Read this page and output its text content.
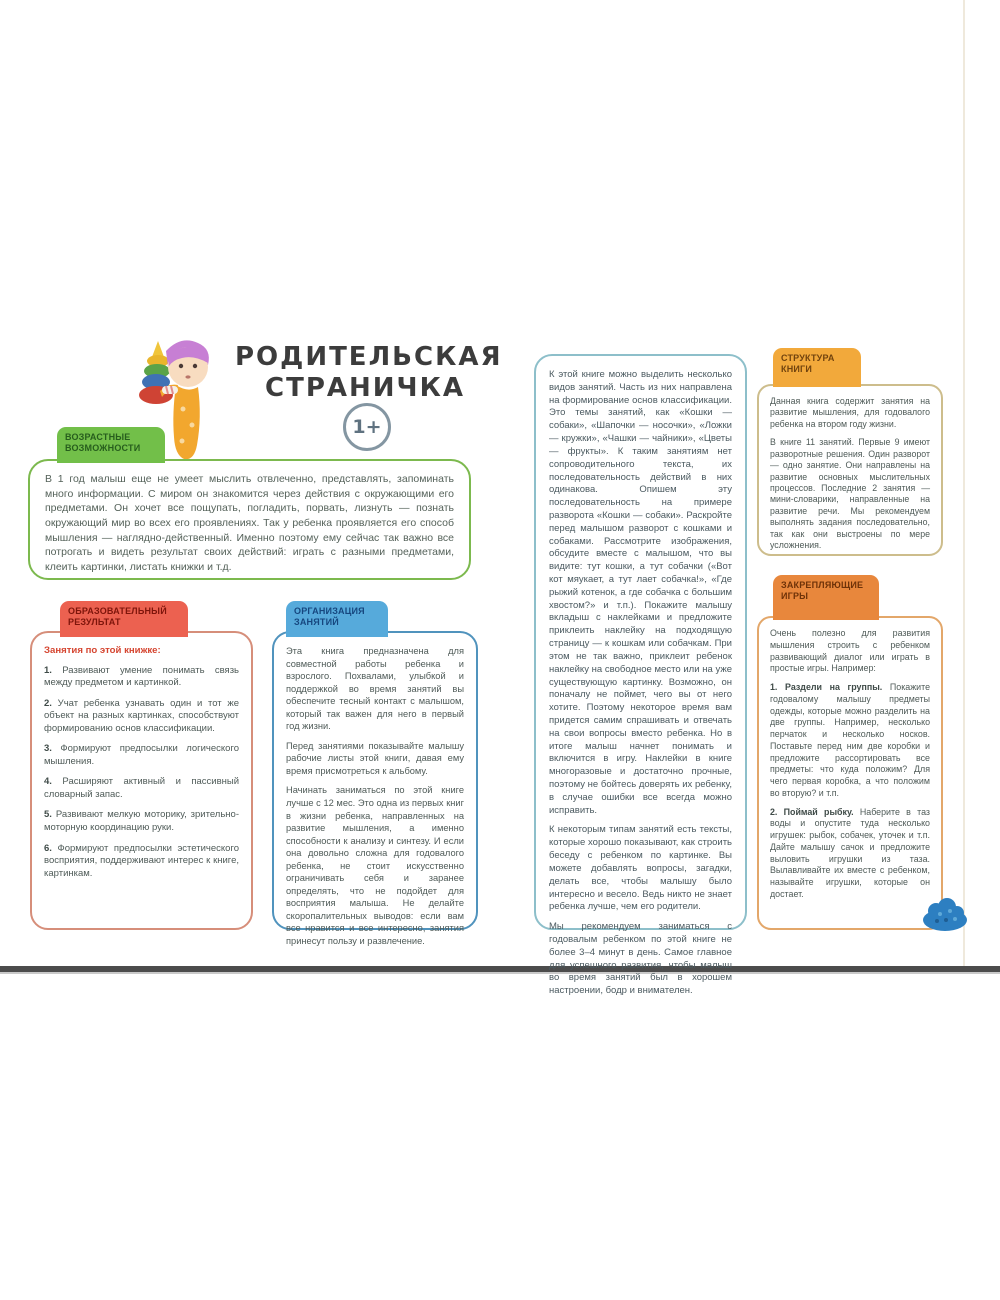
РОДИТЕЛЬСКАЯ
СТРАНИЧКА
1+
ВОЗРАСТНЫЕ ВОЗМОЖНОСТИ

В 1 год малыш еще не умеет мыслить отвлеченно, представлять, запоминать много информации. С миром он знакомится через действия с окружающими его предметами. Он хочет все пощупать, погладить, порвать, лизнуть — познать окружающий мир во всех его проявлениях. Так у ребенка проявляется его способ мышления — наглядно-действенный. Именно поэтому ему сейчас так важно все потрогать и видеть результат своих действий: играть с разными предметами, клеить картинки, листать книжки и т.д.

ОБРАЗОВАТЕЛЬНЫЙ РЕЗУЛЬТАТ

Занятия по этой книжке:

1. Развивают умение понимать связь между предметом и картинкой.
2. Учат ребенка узнавать один и тот же объект на разных картинках, способствуют формированию основ классификации.
3. Формируют предпосылки логического мышления.
4. Расширяют активный и пассивный словарный запас.
5. Развивают мелкую моторику, зрительно-моторную координацию руки.
6. Формируют предпосылки эстетического восприятия, поддерживают интерес к книге, картинкам.
ОРГАНИЗАЦИЯ ЗАНЯТИЙ

Эта книга предназначена для совместной работы ребенка и взрослого. Похвалами, улыбкой и поддержкой во время занятий вы обеспечите тесный контакт с малышом, который так важен для него в первый год жизни.

Перед занятиями показывайте малышу рабочие листы этой книги, давая ему время присмотреться к альбому.

Начинать заниматься по этой книге лучше с 12 мес. Это одна из первых книг в жизни ребенка, направленных на развитие мышления, а именно способности к анализу и синтезу. И если она довольно сложна для годовалого ребенка, не стоит искусственно ограничивать себя и заранее определять, что не подойдет для восприятия малыша. Не делайте скоропалительных выводов: если вам все нравится и все интересно, занятия принесут пользу и развлечение.

К этой книге можно выделить несколько видов занятий. Часть из них направлена на формирование основ классификации. Это темы занятий, как «Кошки — собаки», «Шапочки — носочки», «Ложки — кружки», «Чашки — чайники», «Цветы — фрукты». К таким занятиям нет сопроводительного текста, их последовательность действий в них одинакова. Опишем эту последовательность на примере разворота «Кошки — собаки». Раскройте перед малышом разворот с кошками и собаками. Рассмотрите изображения, обсудите вместе с малышом, что вы видите: тут кошки, а тут собачки («Вот кот мяукает, а тут лает собачка!», «Где рыжий котенок, а где собачка с большим хвостом?» и т.п.). Покажите малышу вкладыш с наклейками и предложите приклеить наклейку на подходящую страницу — к кошкам или собачкам. При этом не так важно, приклеит ребенок наклейку на свободное место или на уже существующую картинку. Возможно, он поначалу не поймет, чего вы от него хотите. Поэтому некоторое время вам придется самим спрашивать и отвечать на свои вопросы вместо ребенка. Но в итоге малыш начнет понимать и включится в игру. Наклейки в книге многоразовые и достаточно прочные, поэтому не бойтесь доверять их ребенку, в случае ошибки все всегда можно исправить.

К некоторым типам занятий есть тексты, которые хорошо показывают, как строить беседу с ребенком по картинке. Вы можете добавлять вопросы, загадки, делать все, чтобы малышу было интересно и весело. Ведь никто не знает ребенка лучше, чем его родители.

Мы рекомендуем заниматься с годовалым ребенком по этой книге не более 3–4 минут в день. Самое главное для успешного развития, чтобы малыш во время занятий был в хорошем настроении, бодр и внимателен.

СТРУКТУРА КНИГИ

Данная книга содержит занятия на развитие мышления, для годовалого ребенка на втором году жизни.

В книге 11 занятий. Первые 9 имеют разворотные решения. Один разворот — одно занятие. Они направлены на развитие основных мыслительных процессов. Последние 2 занятия — мини-словарики, направленные на развитие речи. Мы рекомендуем выполнять задания последовательно, так как они выстроены по мере усложнения.

ЗАКРЕПЛЯЮЩИЕ ИГРЫ

Очень полезно для развития мышления строить с ребенком развивающий диалог или играть в простые игры. Например:

1. Раздели на группы. Покажите годовалому малышу предметы одежды, которые можно разделить на две группы. Например, несколько перчаток и несколько носков. Поставьте перед ним две коробки и предложите рассортировать все предметы: что куда положим? Для чего первая коробка, а что положим во вторую? и т.п.

2. Поймай рыбку. Наберите в таз воды и опустите туда несколько игрушек: рыбок, собачек, уточек и т.п. Дайте малышу сачок и предложите выловить игрушки из таза. Вылавливайте их вместе с ребенком, называйте игрушки, которые он достает.
